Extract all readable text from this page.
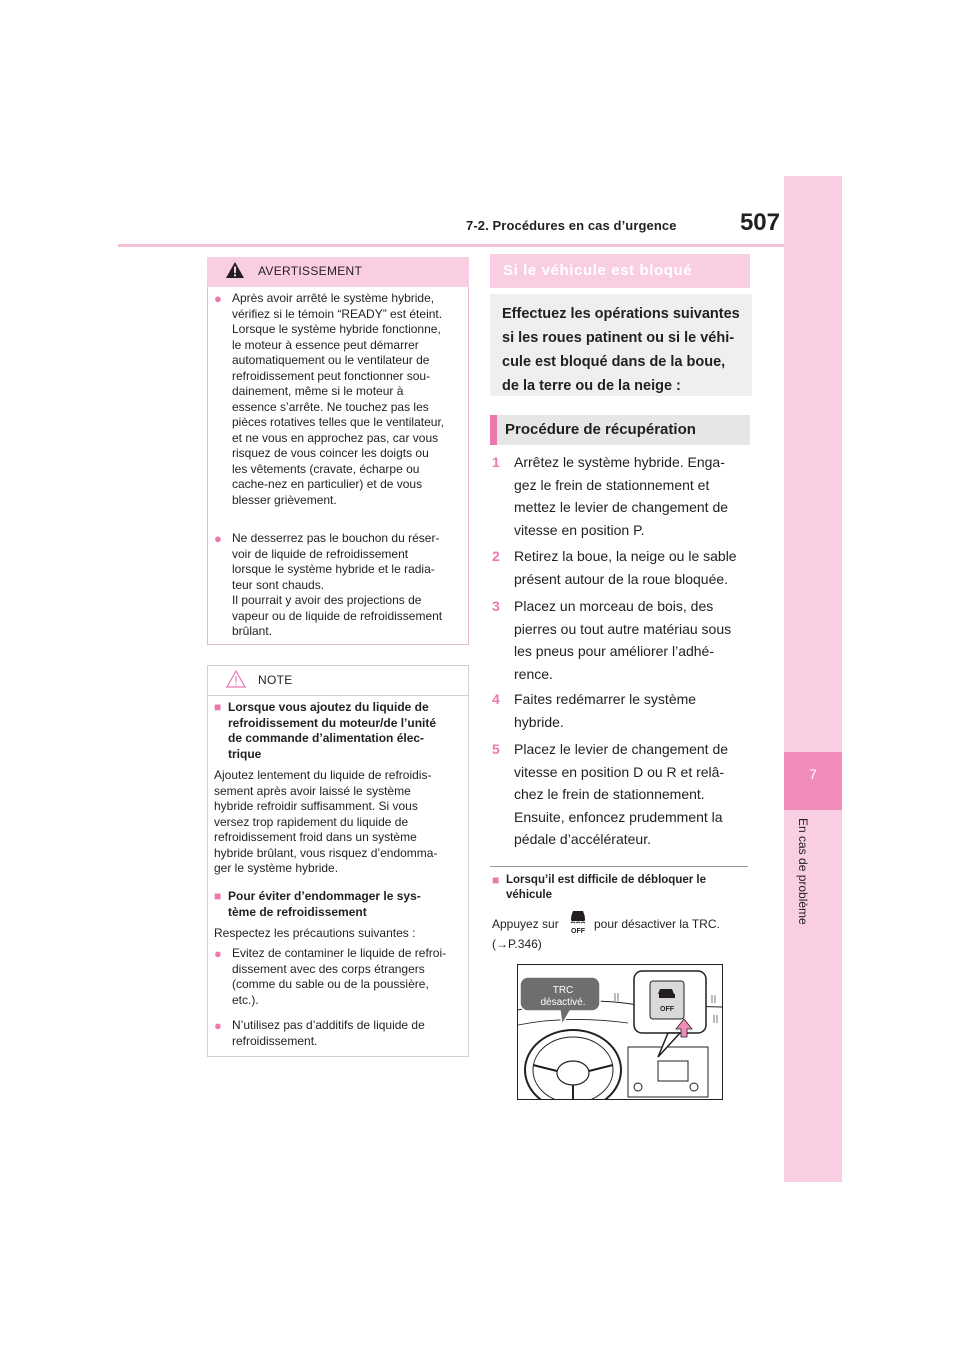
7-2. Procédures en cas d’urgence	507
7
En cas de problème
AVERTISSEMENT
● Après avoir arrêté le système hybride,
vérifiez si le témoin “READY” est éteint.
Lorsque le système hybride fonctionne,
le moteur à essence peut démarrer
automatiquement ou le ventilateur de
refroidissement peut fonctionner sou-
dainement, même si le moteur à
essence s’arrête. Ne touchez pas les
pièces rotatives telles que le ventilateur,
et ne vous en approchez pas, car vous
risquez de vous coincer les doigts ou
les vêtements (cravate, écharpe ou
cache-nez en particulier) et de vous
blesser grièvement.
● Ne desserrez pas le bouchon du réser-
voir de liquide de refroidissement
lorsque le système hybride et le radia-
teur sont chauds.
Il pourrait y avoir des projections de
vapeur ou de liquide de refroidissement
brûlant.
NOTE
■ Lorsque vous ajoutez du liquide de
refroidissement du moteur/de l’unité
de commande d’alimentation élec-
trique
Ajoutez lentement du liquide de refroidis-
sement après avoir laissé le système
hybride refroidir suffisamment. Si vous
versez trop rapidement du liquide de
refroidissement froid dans un système
hybride brûlant, vous risquez d’endomma-
ger le système hybride.
■ Pour éviter d’endommager le sys-
tème de refroidissement
Respectez les précautions suivantes :
● Evitez de contaminer le liquide de refroi-
dissement avec des corps étrangers
(comme du sable ou de la poussière,
etc.).
● N’utilisez pas d’additifs de liquide de
refroidissement.
Si le véhicule est bloqué
Effectuez les opérations suivantes
si les roues patinent ou si le véhi-
cule est bloqué dans de la boue,
de la terre ou de la neige :
Procédure de récupération
1	Arrêtez le système hybride. Enga-
gez le frein de stationnement et
mettez le levier de changement de
vitesse en position P.
2	Retirez la boue, la neige ou le sable
présent autour de la roue bloquée.
3	Placez un morceau de bois, des
pierres ou tout autre matériau sous
les pneus pour améliorer l’adhé-
rence.
4	Faites redémarrer le système
hybride.
5	Placez le levier de changement de
vitesse en position D ou R et relâ-
chez le frein de stationnement.
Ensuite, enfoncez prudemment la
pédale d’accélérateur.
■ Lorsqu’il est difficile de débloquer le
véhicule
Appuyez sur
OFF
pour désactiver la TRC.
(→P.346)
OFF
TRC
désactivé.
